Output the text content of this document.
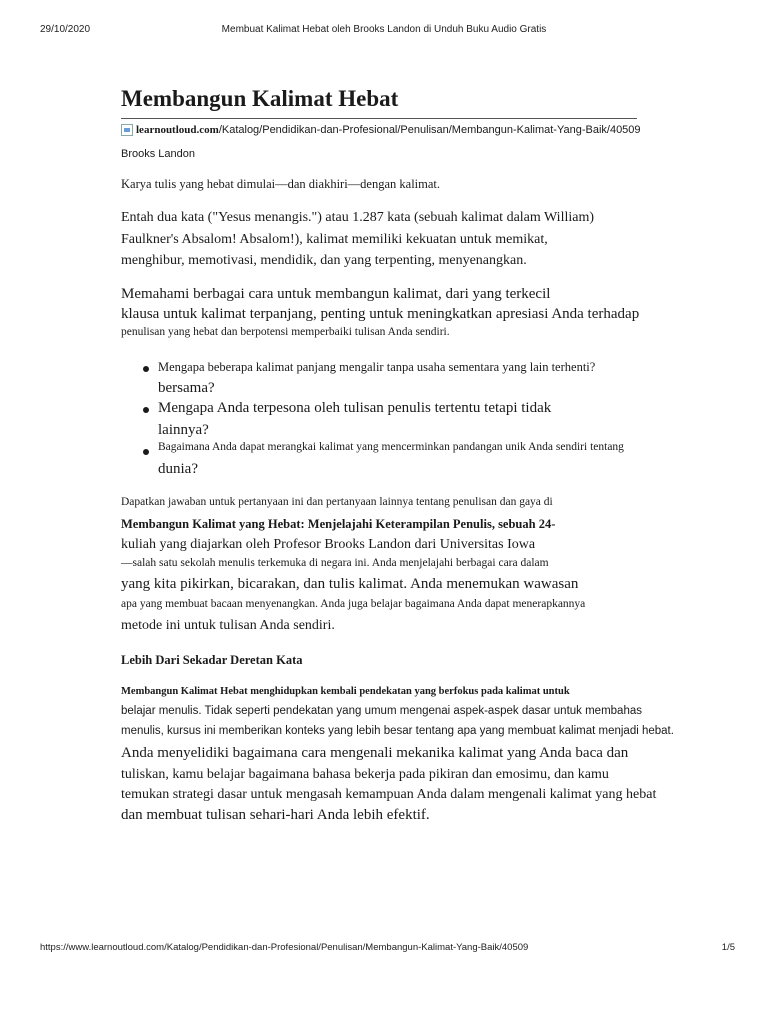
29/10/2020	Membuat Kalimat Hebat oleh Brooks Landon di Unduh Buku Audio Gratis
Membangun Kalimat Hebat
learnoutloud.com /Katalog/Pendidikan-dan-Profesional/Penulisan/Membangun-Kalimat-Yang-Baik/40509
Brooks Landon
Karya tulis yang hebat dimulai—dan diakhiri—dengan kalimat.
Entah dua kata ("Yesus menangis.") atau 1.287 kata (sebuah kalimat dalam William)
Faulkner's Absalom! Absalom!), kalimat memiliki kekuatan untuk memikat,
menghibur, memotivasi, mendidik, dan yang terpenting, menyenangkan.
Memahami berbagai cara untuk membangun kalimat, dari yang terkecil
klausa untuk kalimat terpanjang, penting untuk meningkatkan apresiasi Anda terhadap
penulisan yang hebat dan berpotensi memperbaiki tulisan Anda sendiri.
Mengapa beberapa kalimat panjang mengalir tanpa usaha sementara yang lain terhenti?
bersama?
Mengapa Anda terpesona oleh tulisan penulis tertentu tetapi tidak
lainnya?
Bagaimana Anda dapat merangkai kalimat yang mencerminkan pandangan unik Anda sendiri tentang
dunia?
Dapatkan jawaban untuk pertanyaan ini dan pertanyaan lainnya tentang penulisan dan gaya di
Membangun Kalimat yang Hebat: Menjelajahi Keterampilan Penulis, sebuah 24-
kuliah yang diajarkan oleh Profesor Brooks Landon dari Universitas Iowa
—salah satu sekolah menulis terkemuka di negara ini. Anda menjelajahi berbagai cara dalam
yang kita pikirkan, bicarakan, dan tulis kalimat. Anda menemukan wawasan
apa yang membuat bacaan menyenangkan. Anda juga belajar bagaimana Anda dapat menerapkannya
metode ini untuk tulisan Anda sendiri.
Lebih Dari Sekadar Deretan Kata
Membangun Kalimat Hebat menghidupkan kembali pendekatan yang berfokus pada kalimat untuk
belajar menulis. Tidak seperti pendekatan yang umum mengenai aspek-aspek dasar untuk membahas
menulis, kursus ini memberikan konteks yang lebih besar tentang apa yang membuat kalimat menjadi hebat.
Anda menyelidiki bagaimana cara mengenali mekanika kalimat yang Anda baca dan
tuliskan, kamu belajar bagaimana bahasa bekerja pada pikiran dan emosimu, dan kamu
temukan strategi dasar untuk mengasah kemampuan Anda dalam mengenali kalimat yang hebat
dan membuat tulisan sehari-hari Anda lebih efektif.
https://www.learnoutloud.com/Katalog/Pendidikan-dan-Profesional/Penulisan/Membangun-Kalimat-Yang-Baik/40509	1/5
